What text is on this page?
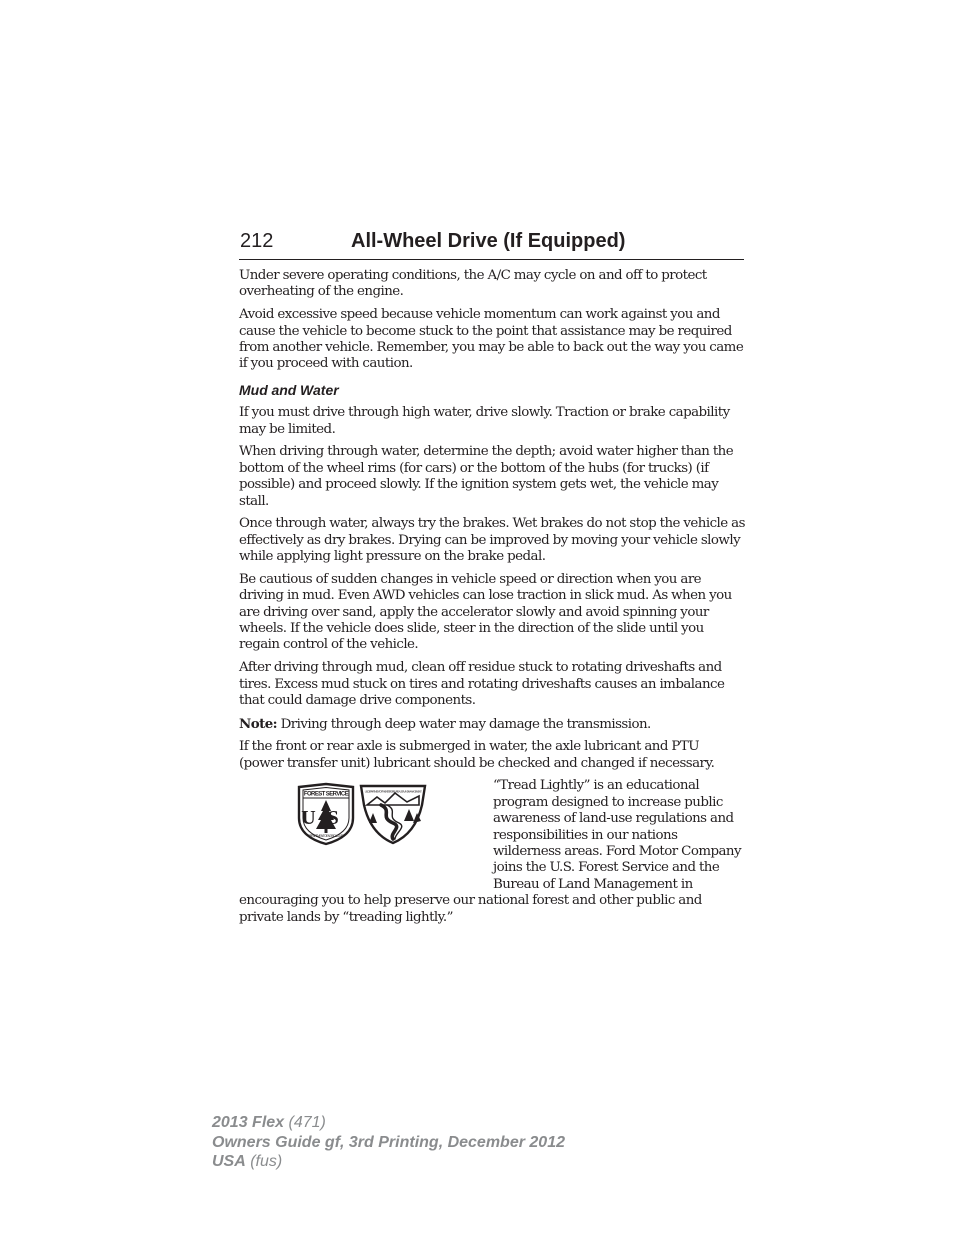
212	All-Wheel Drive (If Equipped)

Under severe operating conditions, the A/C may cycle on and off to protect overheating of the engine.

Avoid excessive speed because vehicle momentum can work against you and cause the vehicle to become stuck to the point that assistance may be required from another vehicle. Remember, you may be able to back out the way you came if you proceed with caution.

Mud and Water

If you must drive through high water, drive slowly. Traction or brake capability may be limited.

When driving through water, determine the depth; avoid water higher than the bottom of the wheel rims (for cars) or the bottom of the hubs (for trucks) (if possible) and proceed slowly. If the ignition system gets wet, the vehicle may stall.

Once through water, always try the brakes. Wet brakes do not stop the vehicle as effectively as dry brakes. Drying can be improved by moving your vehicle slowly while applying light pressure on the brake pedal.

Be cautious of sudden changes in vehicle speed or direction when you are driving in mud. Even AWD vehicles can lose traction in slick mud. As when you are driving over sand, apply the accelerator slowly and avoid spinning your wheels. If the vehicle does slide, steer in the direction of the slide until you regain control of the vehicle.

After driving through mud, clean off residue stuck to rotating driveshafts and tires. Excess mud stuck on tires and rotating driveshafts causes an imbalance that could damage drive components.

Note: Driving through deep water may damage the transmission.

If the front or rear axle is submerged in water, the axle lubricant and PTU (power transfer unit) lubricant should be checked and changed if necessary.

FOREST SERVICE
US
DEPARTMENT OF AGRICULTURE
U.S. DEPARTMENT OF THE INTERIOR BUREAU OF LAND MANAGEMENT	“Tread Lightly” is an educational program designed to increase public awareness of land-use regulations and responsibilities in our nations wilderness areas. Ford Motor Company joins the U.S. Forest Service and the Bureau of Land Management in encouraging you to help preserve our national forest and other public and private lands by “treading lightly.”

2013 Flex (471)
Owners Guide gf, 3rd Printing, December 2012
USA (fus)
